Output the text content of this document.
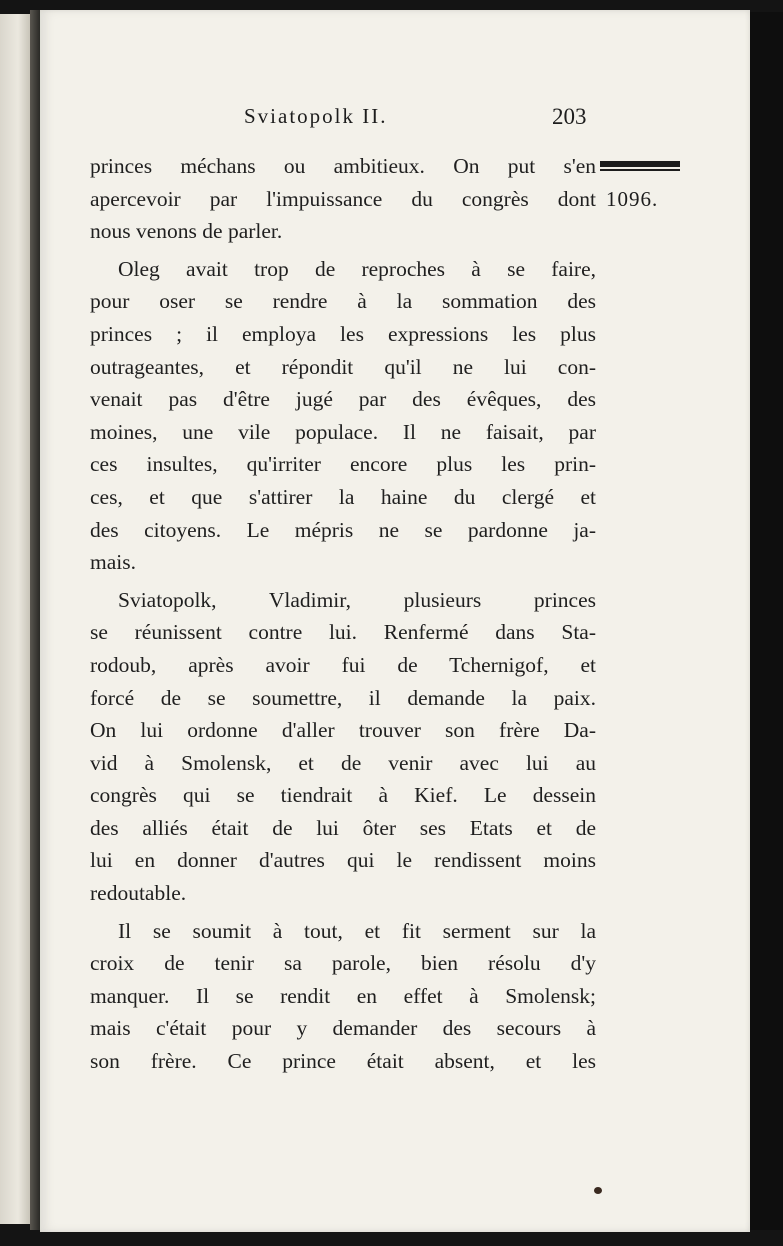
Sviatopolk II.	203
1096.
princes méchans ou ambitieux. On put s'en
apercevoir par l'impuissance du congrès dont
nous venons de parler.
Oleg avait trop de reproches à se faire,
pour oser se rendre à la sommation des
princes ; il employa les expressions les plus
outrageantes, et répondit qu'il ne lui con-
venait pas d'être jugé par des évêques, des
moines, une vile populace. Il ne faisait, par
ces insultes, qu'irriter encore plus les prin-
ces, et que s'attirer la haine du clergé et
des citoyens. Le mépris ne se pardonne ja-
mais.
Sviatopolk, Vladimir, plusieurs princes
se réunissent contre lui. Renfermé dans Sta-
rodoub, après avoir fui de Tchernigof, et
forcé de se soumettre, il demande la paix.
On lui ordonne d'aller trouver son frère Da-
vid à Smolensk, et de venir avec lui au
congrès qui se tiendrait à Kief. Le dessein
des alliés était de lui ôter ses Etats et de
lui en donner d'autres qui le rendissent moins
redoutable.
Il se soumit à tout, et fit serment sur la
croix de tenir sa parole, bien résolu d'y
manquer. Il se rendit en effet à Smolensk;
mais c'était pour y demander des secours à
son frère. Ce prince était absent, et les
